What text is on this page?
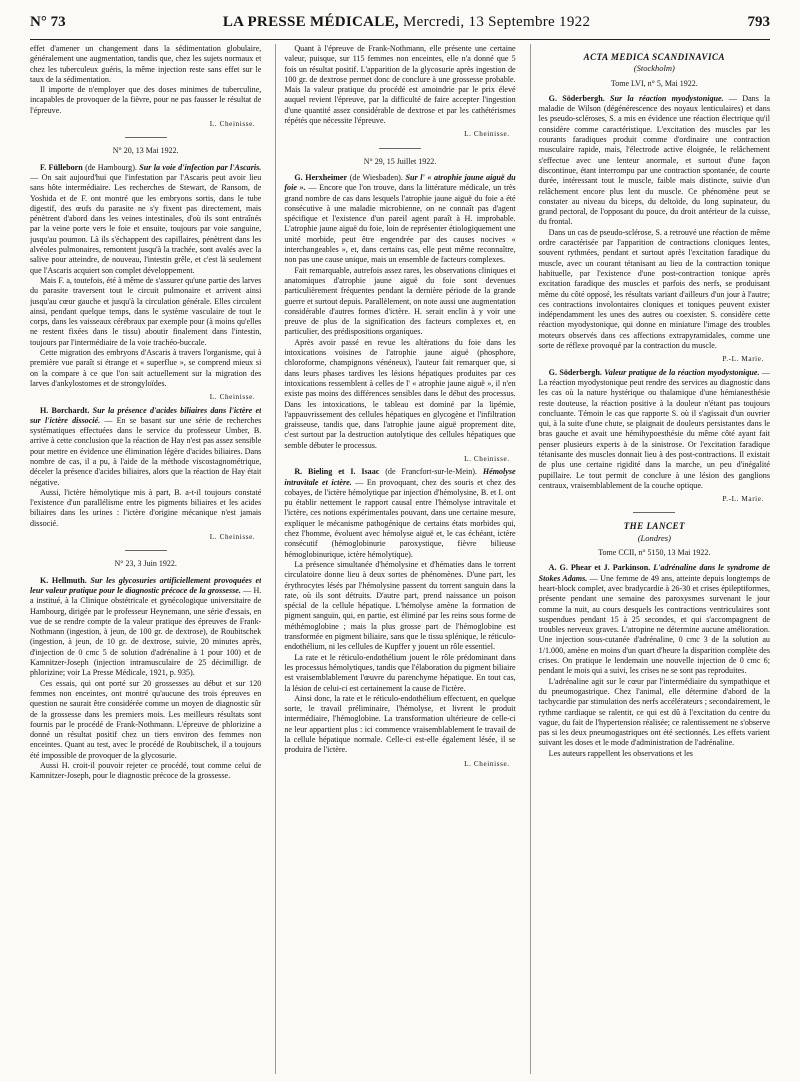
N° 73	LA PRESSE MÉDICALE, Mercredi, 13 Septembre 1922	793

effet d'amener un changement dans la sédimentation globulaire, généralement une augmentation, tandis que, chez les sujets normaux et chez les tuberculeux guéris, la même injection reste sans effet sur le taux de la sédimentation.

Il importe de n'employer que des doses minimes de tuberculine, incapables de provoquer de la fièvre, pour ne pas fausser le résultat de l'épreuve.

L. Cheinisse.
N° 20, 13 Mai 1922.

F. Fülleborn (de Hambourg). Sur la voie d'infection par l'Ascaris. — On sait aujourd'hui que l'infestation par l'Ascaris peut avoir lieu sans hôte intermédiaire. Les recherches de Stewart, de Ransom, de Yoshida et de F. ont montré que les embryons sortis, dans le tube digestif, des œufs du parasite ne s'y fixent pas directement, mais pénètrent d'abord dans les veines intestinales, d'où ils sont entraînés par la veine porte vers le foie et ensuite, toujours par voie sanguine, jusqu'au poumon. Là ils s'échappent des capillaires, pénètrent dans les alvéoles pulmonaires, remontent jusqu'à la trachée, sont avalés avec la salive pour atteindre, de nouveau, l'intestin grêle, et c'est là seulement que l'Ascaris acquiert son complet développement.

Mais F. a, toutefois, été à même de s'assurer qu'une partie des larves du parasite traversent tout le circuit pulmonaire et arrivent ainsi jusqu'au cœur gauche et jusqu'à la circulation générale. Elles circulent ainsi, pendant quelque temps, dans le système vasculaire de tout le corps, dans les vaisseaux cérébraux par exemple pour (à moins qu'elles ne restent fixées dans le tissu) aboutir finalement dans l'intestin, toujours par l'intermédiaire de la voie trachéo-buccale.

Cette migration des embryons d'Ascaris à travers l'organisme, qui à première vue paraît si étrange et « superflue », se comprend mieux si on la compare à ce que l'on sait actuellement sur la migration des larves d'ankylostomes et de strongyloïdes.

L. Cheinisse.

H. Borchardt. Sur la présence d'acides biliaires dans l'ictère et sur l'ictère dissocié. — En se basant sur une série de recherches systématiques effectuées dans le service du professeur Umber, B. arrive à cette conclusion que la réaction de Hay n'est pas assez sensible pour mettre en évidence une élimination légère d'acides biliaires. Dans nombre de cas, il a pu, à l'aide de la méthode viscostagnométrique, déceler la présence d'acides biliaires, alors que la réaction de Hay était négative.

Aussi, l'ictère hémolytique mis à part, B. a-t-il toujours constaté l'existence d'un parallélisme entre les pigments biliaires et les acides biliaires dans les urines : l'ictère d'origine mécanique n'est jamais dissocié.

L. Cheinisse.
N° 23, 3 Juin 1922.

K. Hellmuth. Sur les glycosuries artificiellement provoquées et leur valeur pratique pour le diagnostic précoce de la grossesse. — H. a institué, à la Clinique obstétricale et gynécologique universitaire de Hambourg, dirigée par le professeur Heynemann, une série d'essais, en vue de se rendre compte de la valeur pratique des épreuves de Frank-Nothmann (ingestion, à jeun, de 100 gr. de dextrose), de Roubitschek (ingestion, à jeun, de 10 gr. de dextrose, suivie, 20 minutes après, d'injection de 0 cmc 5 de solution d'adrénaline à 1 pour 100) et de Kamnitzer-Joseph (injection intramusculaire de 25 décimilligr. de phlorizine; voir La Presse Médicale, 1921, p. 935).

Ces essais, qui ont porté sur 20 grossesses au début et sur 120 femmes non enceintes, ont montré qu'aucune des trois épreuves en question ne saurait être considérée comme un moyen de diagnostic sûr de la grossesse dans les premiers mois. Les meilleurs résultats sont fournis par le procédé de Frank-Nothmann. L'épreuve de phlorizine a donné un résultat positif chez un tiers environ des femmes non enceintes. Quant au test, avec le procédé de Roubitschek, il a toujours été impossible de provoquer de la glycosurie.

Aussi H. croit-il pouvoir rejeter ce procédé, tout comme celui de Kamnitzer-Joseph, pour le diagnostic précoce de la grossesse.

Quant à l'épreuve de Frank-Nothmann, elle présente une certaine valeur, puisque, sur 115 femmes non enceintes, elle n'a donné que 5 fois un résultat positif. L'apparition de la glycosurie après ingestion de 100 gr. de dextrose permet donc de conclure à une grossesse probable. Mais la valeur pratique du procédé est amoindrie par le prix élevé auquel revient l'épreuve, par la difficulté de faire accepter l'ingestion d'une quantité assez considérable de dextrose et par les cathétérismes répétés que nécessite l'épreuve.

L. Cheinisse.
N° 29, 15 Juillet 1922.

G. Herxheimer (de Wiesbaden). Sur l' « atrophie jaune aiguë du foie ». — Encore que l'on trouve, dans la littérature médicale, un très grand nombre de cas dans lesquels l'atrophie jaune aiguë du foie a été consécutive à une maladie microbienne, on ne connaît pas d'agent spécifique et l'existence d'un pareil agent paraît à H. improbable. L'atrophie jaune aiguë du foie, loin de représenter étiologiquement une unité morbide, peut être engendrée par des causes nocives « interchangeables », et, dans certains cas, elle peut même reconnaître, non pas une cause unique, mais un ensemble de facteurs complexes.

Fait remarquable, autrefois assez rares, les observations cliniques et anatomiques d'atrophie jaune aiguë du foie sont devenues particulièrement fréquentes pendant la dernière période de la grande guerre et surtout depuis. Parallèlement, on note aussi une augmentation considérable d'autres formes d'ictère. H. serait enclin à y voir une preuve de plus de la signification des facteurs complexes et, en particulier, des prédispositions organiques.

Après avoir passé en revue les altérations du foie dans les intoxications voisines de l'atrophie jaune aiguë (phosphore, chloroforme, champignons vénéneux), l'auteur fait remarquer que, si dans leurs phases tardives les lésions hépatiques produites par ces intoxications ressemblent à celles de l' « atrophie jaune aiguë », il n'en existe pas moins des différences sensibles dans le début des processus. Dans les intoxications, le tableau est dominé par la lipémie, l'appauvrissement des cellules hépatiques en glycogène et l'infiltration graisseuse, tandis que, dans l'atrophie jaune aiguë proprement dite, c'est surtout par la destruction autolytique des cellules hépatiques que semble débuter le processus.

L. Cheinisse.

R. Bieling et I. Isaac (de Francfort-sur-le-Mein). Hémolyse intravitale et ictère. — En provoquant, chez des souris et chez des cobayes, de l'ictère hémolytique par injection d'hémolysine, B. et I. ont pu établir nettement le rapport causal entre l'hémolyse intravitale et l'ictère, ces notions expérimentales pouvant, dans une certaine mesure, expliquer le mécanisme pathogénique de certains états morbides qui, chez l'homme, évoluent avec hémolyse aiguë et, le cas échéant, ictère consécutif (hémoglobinurie paroxystique, fièvre bilieuse hémoglobinurique, ictère hémolytique).

La présence simultanée d'hémolysine et d'hématies dans le torrent circulatoire donne lieu à deux sortes de phénomènes. D'une part, les érythrocytes lésés par l'hémolysine passent du torrent sanguin dans la rate, où ils sont détruits. D'autre part, prend naissance un poison spécial de la cellule hépatique. L'hémolyse amène la formation de pigment sanguin, qui, en partie, est éliminé par les reins sous forme de méthémoglobine ; mais la plus grosse part de l'hémoglobine est transformée en pigment biliaire, sans que le tissu splénique, le réticulo-endothélium, ni les cellules de Kupffer y jouent un rôle essentiel.

La rate et le réticulo-endothélium jouent le rôle prédominant dans les processus hémolytiques, tandis que l'élaboration du pigment biliaire est vraisemblablement l'œuvre du parenchyme hépatique. En tout cas, la lésion de celui-ci est certainement la cause de l'ictère.

Ainsi donc, la rate et le réticulo-endothélium effectuent, en quelque sorte, le travail préliminaire, l'hémolyse, et livrent le produit intermédiaire, l'hémoglobine. La transformation ultérieure de celle-ci ne leur appartient plus : ici commence vraisemblablement le travail de la cellule hépatique normale. Celle-ci est-elle également lésée, il se produira de l'ictère.

L. Cheinisse.
ACTA MEDICA SCANDINAVICA
(Stockholm)
Tome LVI, n° 5, Mai 1922.

G. Söderbergh. Sur la réaction myodystonique. — Dans la maladie de Wilson (dégénérescence des noyaux lenticulaires) et dans les pseudo-scléroses, S. a mis en évidence une réaction électrique qu'il considère comme caractéristique. L'excitation des muscles par les courants faradiques produit comme d'ordinaire une contraction musculaire rapide, mais, l'électrode active éloignée, le relâchement s'effectue avec une lenteur anormale, et surtout d'une façon discontinue, étant interrompu par une contraction spontanée, de courte durée, intéressant tout le muscle, faible mais distincte, suivie d'un relâchement encore plus lent du muscle. Ce phénomène peut se constater au niveau du biceps, du deltoïde, du long supinateur, du grand pectoral, de l'opposant du pouce, du droit antérieur de la cuisse, du frontal.

Dans un cas de pseudo-sclérose, S. a retrouvé une réaction de même ordre caractérisée par l'apparition de contractions cloniques lentes, souvent rythmées, pendant et surtout après l'excitation faradique du muscle, avec un courant tétanisant au lieu de la contraction tonique habituelle, par l'existence d'une post-contraction tonique après excitation faradique des muscles et parfois des nerfs, se produisant même du côté opposé, les résultats variant d'ailleurs d'un jour à l'autre; ces contractions involontaires cloniques et toniques peuvent exister indépendamment les unes des autres ou coexister. S. considère cette réaction myodystonique, qui donne en miniature l'image des troubles moteurs observés dans ces affections extrapyramidales, comme une sorte de réflexe provoqué par la contraction du muscle.

P.-L. Marie.

G. Söderbergh. Valeur pratique de la réaction myodystonique. — La réaction myodystonique peut rendre des services au diagnostic dans les cas où la nature hystérique ou thalamique d'une hémianesthésie reste douteuse, la réaction positive à la douleur n'étant pas toujours concluante. Témoin le cas que rapporte S. où il s'agissait d'un ouvrier qui, à la suite d'une chute, se plaignait de douleurs persistantes dans le bras gauche et avait une hémihypoesthésie du même côté ayant fait penser plusieurs experts à de la sinistrose. Or l'excitation faradique tétanisante des muscles donnait lieu à des post-contractions. Il existait de plus une certaine rigidité dans la marche, un peu d'inégalité pupillaire. Le tout permit de conclure à une lésion des ganglions centraux, vraisemblablement de la couche optique.

P.-L. Marie.
THE LANCET
(Londres)
Tome CCII, n° 5150, 13 Mai 1922.

A. G. Phear et J. Parkinson. L'adrénaline dans le syndrome de Stokes Adams. — Une femme de 49 ans, atteinte depuis longtemps de heart-block complet, avec bradycardie à 26-30 et crises épileptiformes, présente pendant une semaine des paroxysmes survenant le jour comme la nuit, au cours desquels les contractions ventriculaires sont suspendues pendant 15 à 25 secondes, et qui s'accompagnent de troubles nerveux graves. L'atropine ne détermine aucune amélioration. Une injection sous-cutanée d'adrénaline, 0 cmc 3 de la solution au 1/1.000, amène en moins d'un quart d'heure la disparition complète des crises. On pratique le lendemain une nouvelle injection de 0 cmc 6; pendant le mois qui a suivi, les crises ne se sont pas reproduites.

L'adrénaline agit sur le cœur par l'intermédiaire du sympathique et du pneumogastrique. Chez l'animal, elle détermine d'abord de la tachycardie par stimulation des nerfs accélérateurs ; secondairement, le rythme cardiaque se ralentit, ce qui est dû à l'excitation du centre du vague, du fait de l'hypertension réalisée; ce ralentissement ne s'observe pas si les deux pneumogastriques ont été sectionnés. Les effets varient suivant les doses et le mode d'administration de l'adrénaline.

Les auteurs rappellent les observations et les
